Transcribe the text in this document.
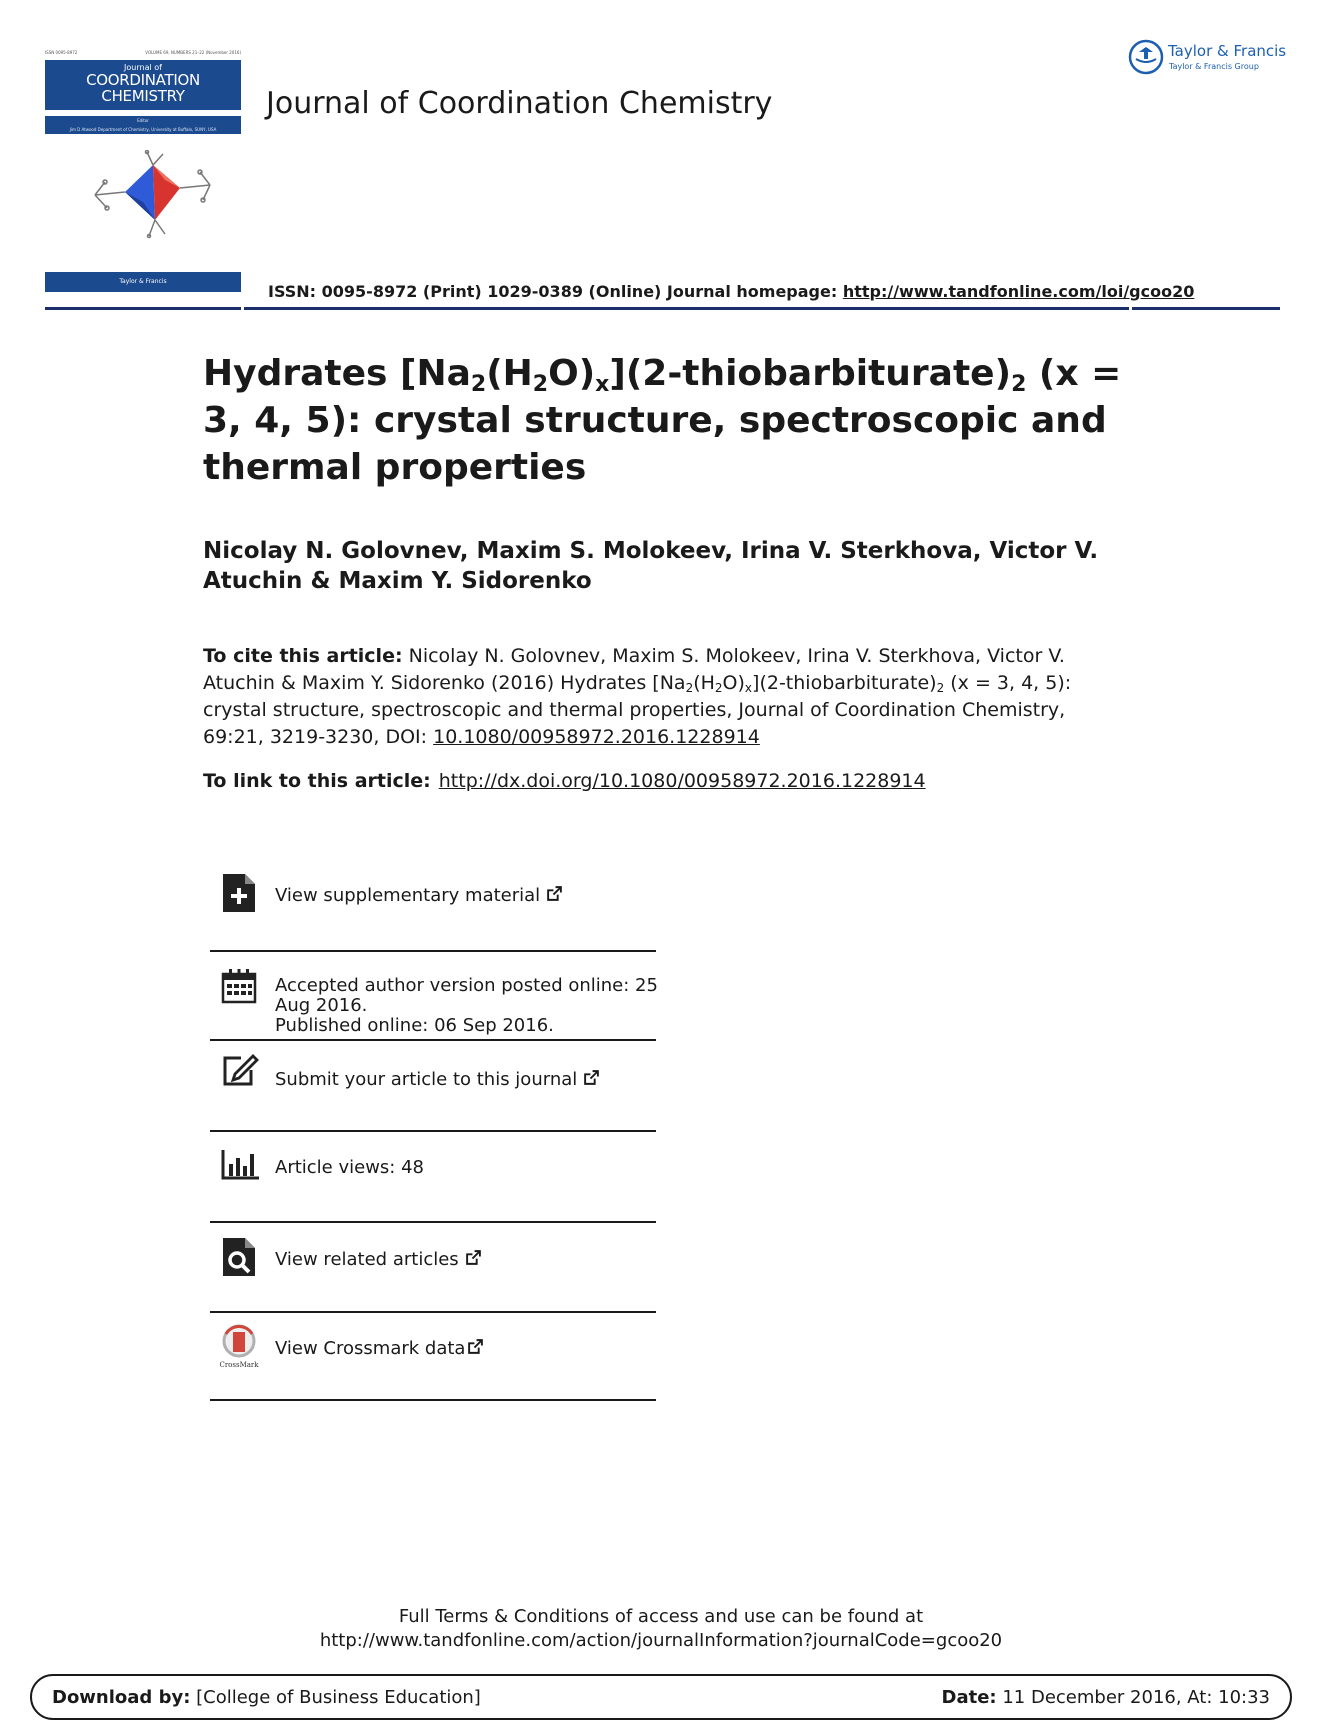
ISSN 0095-8972	VOLUME 69, NUMBERS 21–22 (November 2016)
Journal of
COORDINATION
CHEMISTRY
Editor
Jim D Atwood Department of Chemistry, University at Buffalo, SUNY, USA
Taylor & Francis
Journal of Coordination Chemistry
Taylor & Francis
Taylor & Francis Group
ISSN: 0095-8972 (Print) 1029-0389 (Online) Journal homepage: http://www.tandfonline.com/loi/gcoo20
Hydrates $[Na_2(H_2O)_x](2-thiobarbiturate)_2$ (x = 3, 4, 5): crystal structure, spectroscopic and thermal properties
Nicolay N. Golovnev, Maxim S. Molokeev, Irina V. Sterkhova, Victor V. Atuchin & Maxim Y. Sidorenko
To cite this article: Nicolay N. Golovnev, Maxim S. Molokeev, Irina V. Sterkhova, Victor V. Atuchin & Maxim Y. Sidorenko (2016) Hydrates $[Na_2(H_2O)_x](2-thiobarbiturate)_2$ (x = 3, 4, 5): crystal structure, spectroscopic and thermal properties, Journal of Coordination Chemistry, 69:21, 3219-3230, DOI: 10.1080/00958972.2016.1228914
To link to this article: http://dx.doi.org/10.1080/00958972.2016.1228914
View supplementary material
Accepted author version posted online: 25
Aug 2016.
Published online: 06 Sep 2016.
Submit your article to this journal
Article views: 48
View related articles
CrossMark
View Crossmark data
Full Terms & Conditions of access and use can be found at
http://www.tandfonline.com/action/journalInformation?journalCode=gcoo20
Download by: [College of Business Education]	Date: 11 December 2016, At: 10:33
